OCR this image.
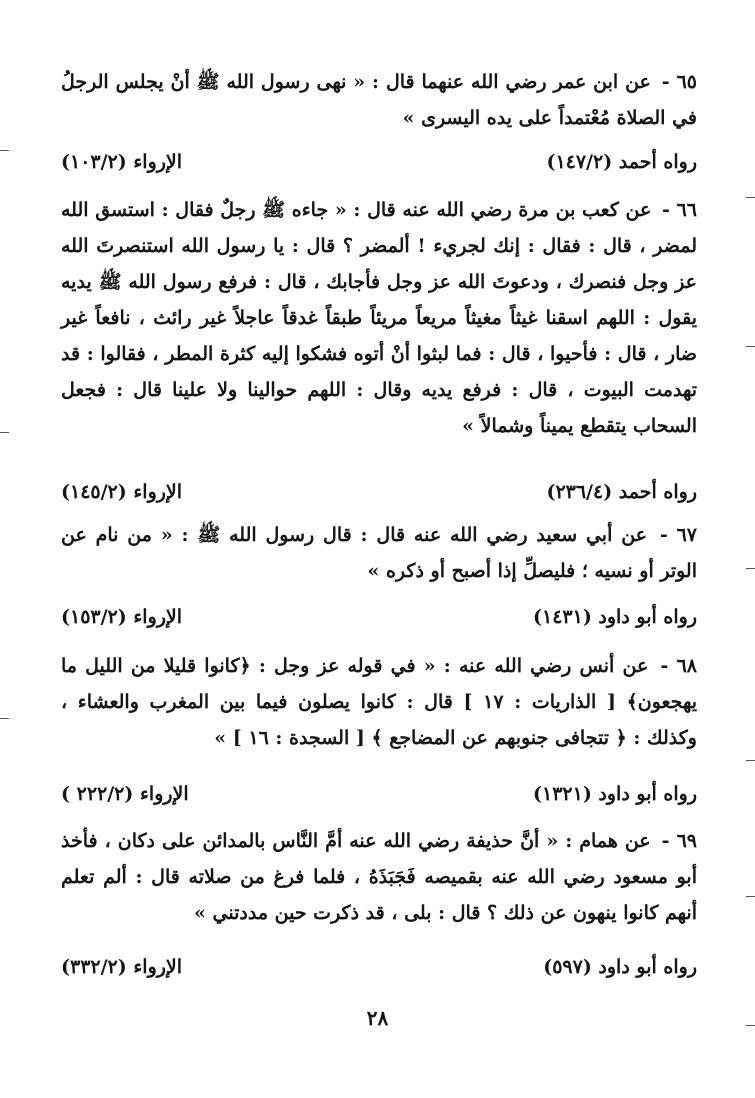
٦٥ - عن ابن عمر رضي الله عنهما قال : « نهى رسول الله ﷺ أنْ يجلس الرجلُ في الصلاة مُعْتمداً على يده اليسرى »
رواه أحمد (١٤٧/٢)
الإرواء (١٠٣/٢)
٦٦ - عن كعب بن مرة رضي الله عنه قال : « جاءه ﷺ رجلٌ فقال : استسق الله لمضر ، قال : فقال : إنك لجريء ! ألمضر ؟ قال : يا رسول الله استنصرتَ الله عز وجل فنصرك ، ودعوتَ الله عز وجل فأجابك ، قال : فرفع رسول الله ﷺ يديه يقول : اللهم اسقنا غيثاً مغيثاً مريعاً مريئاً طبقاً غدقاً عاجلاً غير رائث ، نافعاً غير ضار ، قال : فأحيوا ، قال : فما لبثوا أنْ أتوه فشكوا إليه كثرة المطر ، فقالوا : قد تهدمت البيوت ، قال : فرفع يديه وقال : اللهم حوالينا ولا علينا قال : فجعل السحاب يتقطع يميناً وشمالاً »
رواه أحمد (٢٣٦/٤)
الإرواء (١٤٥/٢)
٦٧ - عن أبي سعيد رضي الله عنه قال : قال رسول الله ﷺ : « من نام عن الوتر أو نسيه ؛ فليصلِّ إذا أصبح أو ذكره »
رواه أبو داود (١٤٣١)
الإرواء (١٥٣/٢)
٦٨ - عن أنس رضي الله عنه : « في قوله عز وجل : ﴿كانوا قليلا من الليل ما يهجعون﴾ [ الذاريات : ١٧ ] قال : كانوا يصلون فيما بين المغرب والعشاء ، وكذلك : ﴿ تتجافى جنوبهم عن المضاجع ﴾ [ السجدة : ١٦ ] »
رواه أبو داود (١٣٢١)
الإرواء (٢٢٢/٢ )
٦٩ - عن همام : « أنَّ حذيفة رضي الله عنه أمَّ النَّاس بالمدائن على دكان ، فأخذ أبو مسعود رضي الله عنه بقميصه فَجَبَذَهُ ، فلما فرغ من صلاته قال : ألم تعلم أنهم كانوا ينهون عن ذلك ؟ قال : بلى ، قد ذكرت حين مددتني »
رواه أبو داود (٥٩٧)
الإرواء (٣٣٢/٢)
٢٨
